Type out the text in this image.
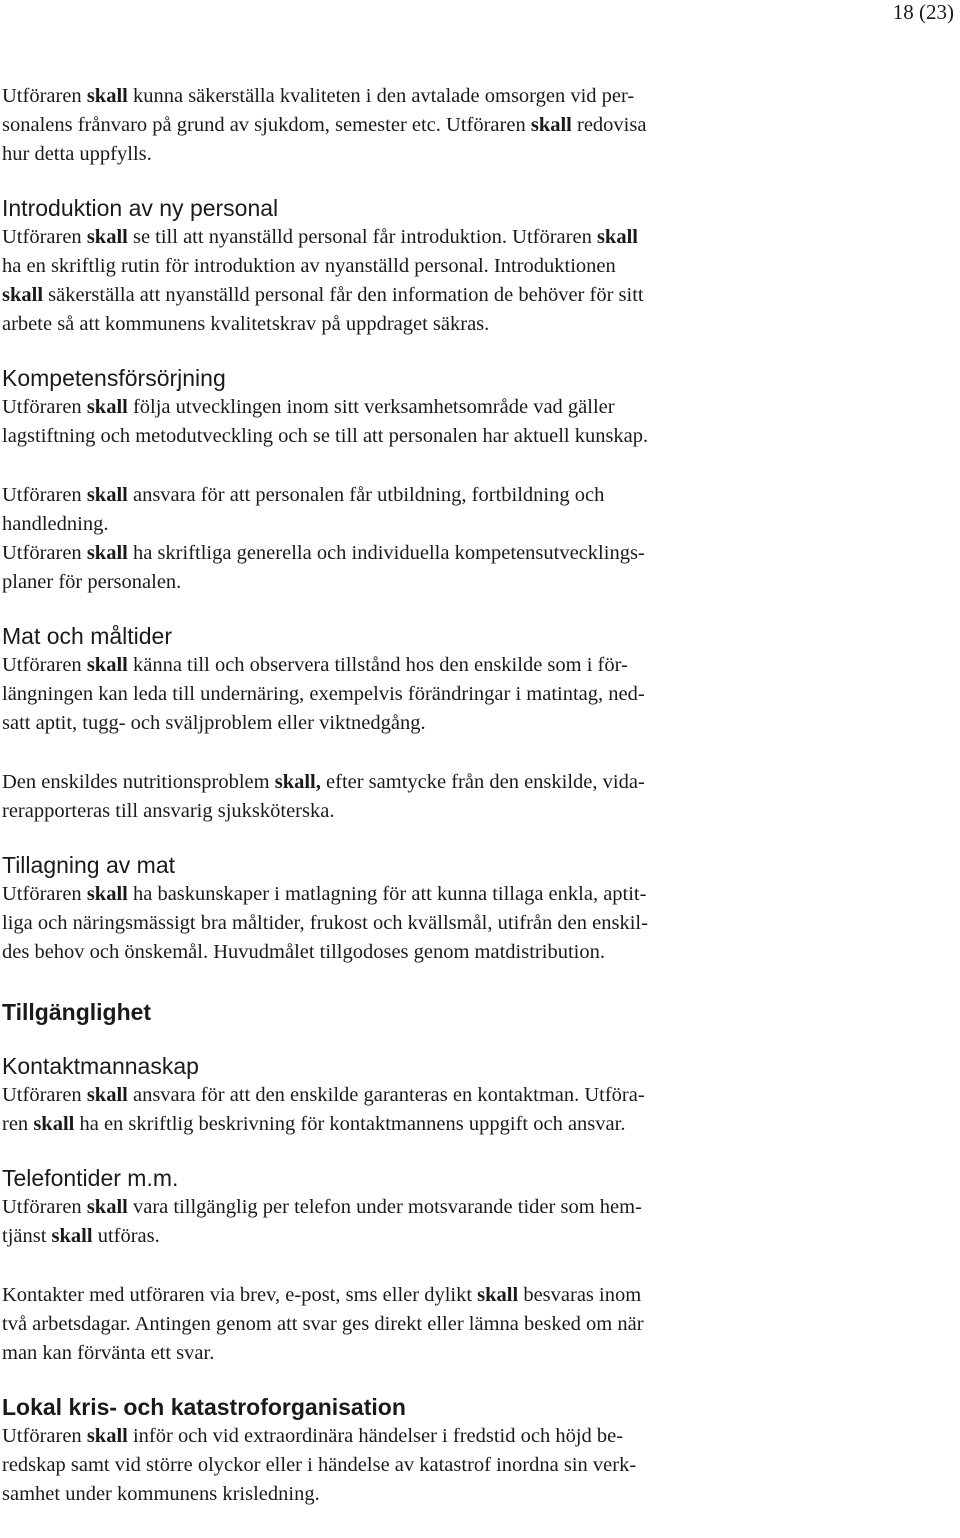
18 (23)

Utföraren skall kunna säkerställa kvaliteten i den avtalade omsorgen vid per-
sonalens frånvaro på grund av sjukdom, semester etc. Utföraren skall redovisa
hur detta uppfylls.

Introduktion av ny personal

Utföraren skall se till att nyanställd personal får introduktion. Utföraren skall
ha en skriftlig rutin för introduktion av nyanställd personal. Introduktionen
skall säkerställa att nyanställd personal får den information de behöver för sitt
arbete så att kommunens kvalitetskrav på uppdraget säkras.

Kompetensförsörjning

Utföraren skall följa utvecklingen inom sitt verksamhetsområde vad gäller
lagstiftning och metodutveckling och se till att personalen har aktuell kunskap.

Utföraren skall ansvara för att personalen får utbildning, fortbildning och
handledning.

Utföraren skall ha skriftliga generella och individuella kompetensutvecklings-
planer för personalen.

Mat och måltider

Utföraren skall känna till och observera tillstånd hos den enskilde som i för-
längningen kan leda till undernäring, exempelvis förändringar i matintag, ned-
satt aptit, tugg- och sväljproblem eller viktnedgång.

Den enskildes nutritionsproblem skall, efter samtycke från den enskilde, vida-
rerapporteras till ansvarig sjuksköterska.

Tillagning av mat

Utföraren skall ha baskunskaper i matlagning för att kunna tillaga enkla, aptit-
liga och näringsmässigt bra måltider, frukost och kvällsmål, utifrån den enskil-
des behov och önskemål. Huvudmålet tillgodoses genom matdistribution.

Tillgänglighet
Kontaktmannaskap

Utföraren skall ansvara för att den enskilde garanteras en kontaktman. Utföra-
ren skall ha en skriftlig beskrivning för kontaktmannens uppgift och ansvar.

Telefontider m.m.

Utföraren skall vara tillgänglig per telefon under motsvarande tider som hem-
tjänst skall utföras.

Kontakter med utföraren via brev, e-post, sms eller dylikt skall besvaras inom
två arbetsdagar. Antingen genom att svar ges direkt eller lämna besked om när
man kan förvänta ett svar.

Lokal kris- och katastroforganisation

Utföraren skall inför och vid extraordinära händelser i fredstid och höjd be-
redskap samt vid större olyckor eller i händelse av katastrof inordna sin verk-
samhet under kommunens krisledning.
